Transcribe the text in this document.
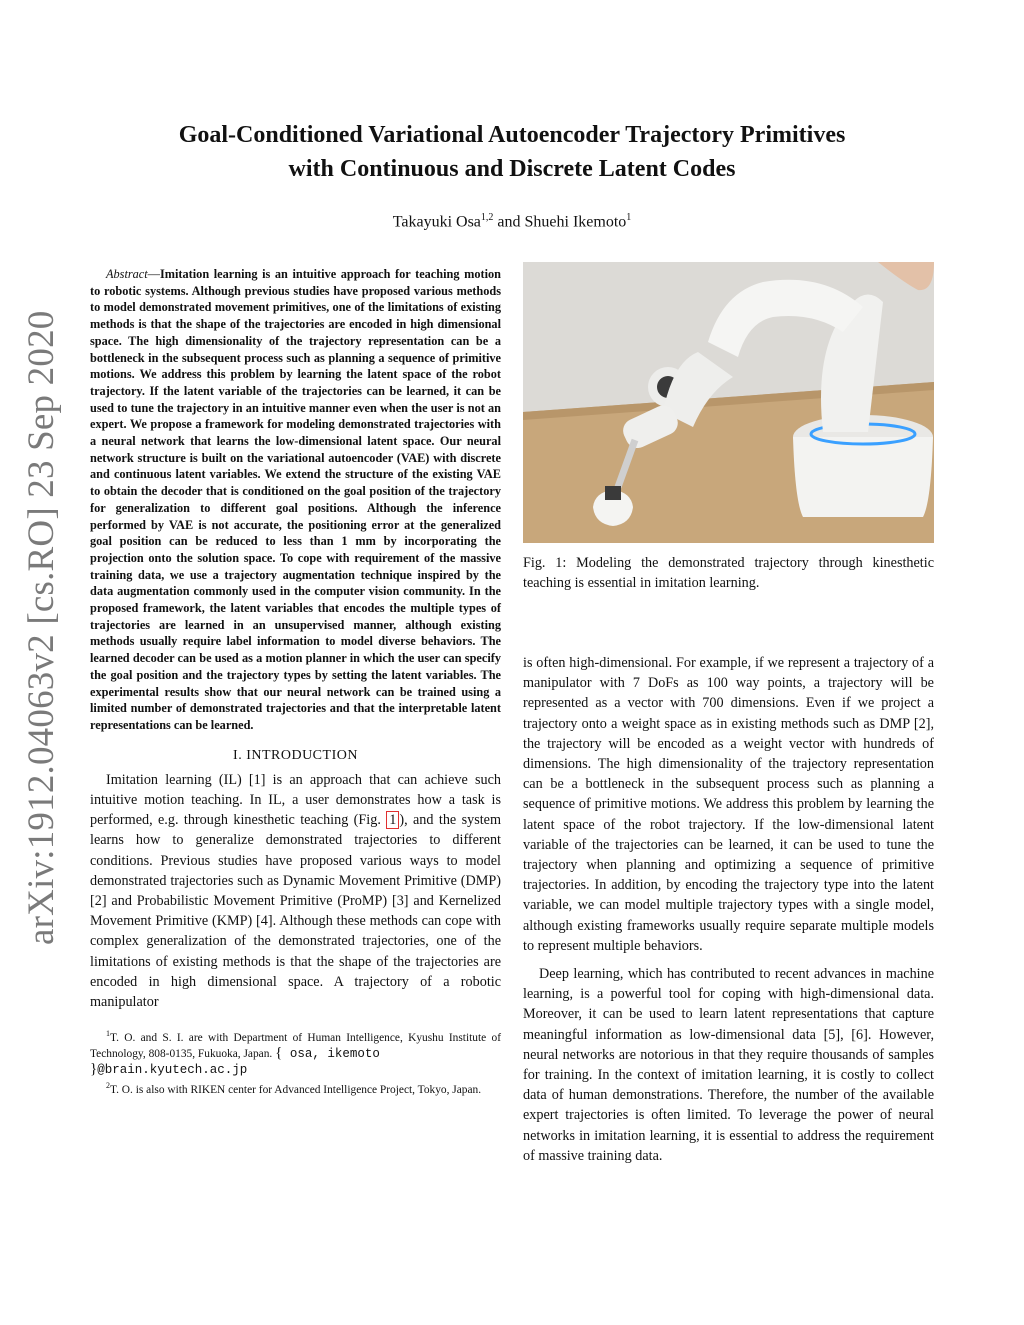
arXiv:1912.04063v2 [cs.RO] 23 Sep 2020
Goal-Conditioned Variational Autoencoder Trajectory Primitives
with Continuous and Discrete Latent Codes
Takayuki Osa$^{1,2}$ and Shuehi Ikemoto$^1$

Abstract—Imitation learning is an intuitive approach for teaching motion to robotic systems. Although previous studies have proposed various methods to model demonstrated movement primitives, one of the limitations of existing methods is that the shape of the trajectories are encoded in high dimensional space. The high dimensionality of the trajectory representation can be a bottleneck in the subsequent process such as planning a sequence of primitive motions. We address this problem by learning the latent space of the robot trajectory. If the latent variable of the trajectories can be learned, it can be used to tune the trajectory in an intuitive manner even when the user is not an expert. We propose a framework for modeling demonstrated trajectories with a neural network that learns the low-dimensional latent space. Our neural network structure is built on the variational autoencoder (VAE) with discrete and continuous latent variables. We extend the structure of the existing VAE to obtain the decoder that is conditioned on the goal position of the trajectory for generalization to different goal positions. Although the inference performed by VAE is not accurate, the positioning error at the generalized goal position can be reduced to less than 1 mm by incorporating the projection onto the solution space. To cope with requirement of the massive training data, we use a trajectory augmentation technique inspired by the data augmentation commonly used in the computer vision community. In the proposed framework, the latent variables that encodes the multiple types of trajectories are learned in an unsupervised manner, although existing methods usually require label information to model diverse behaviors. The learned decoder can be used as a motion planner in which the user can specify the goal position and the trajectory types by setting the latent variables. The experimental results show that our neural network can be trained using a limited number of demonstrated trajectories and that the interpretable latent representations can be learned.

I. INTRODUCTION

Imitation learning (IL) [1] is an approach that can achieve such intuitive motion teaching. In IL, a user demonstrates how a task is performed, e.g. through kinesthetic teaching (Fig. 1 ), and the system learns how to generalize demonstrated trajectories to different conditions. Previous studies have proposed various ways to model demonstrated trajectories such as Dynamic Movement Primitive (DMP) [2] and Probabilistic Movement Primitive (ProMP) [3] and Kernelized Movement Primitive (KMP) [4]. Although these methods can cope with complex generalization of the demonstrated trajectories, one of the limitations of existing methods is that the shape of the trajectories are encoded in high dimensional space. A trajectory of a robotic manipulator

$^1$T. O. and S. I. are with Department of Human Intelligence, Kyushu Institute of Technology, 808-0135, Fukuoka, Japan. { osa, ikemoto
}@brain.kyutech.ac.jp
$^2$T. O. is also with RIKEN center for Advanced Intelligence Project, Tokyo, Japan.
Fig. 1: Modeling the demonstrated trajectory through kinesthetic teaching is essential in imitation learning.

is often high-dimensional. For example, if we represent a trajectory of a manipulator with 7 DoFs as 100 way points, a trajectory will be represented as a vector with 700 dimensions. Even if we project a trajectory onto a weight space as in existing methods such as DMP [2], the trajectory will be encoded as a weight vector with hundreds of dimensions. The high dimensionality of the trajectory representation can be a bottleneck in the subsequent process such as planning a sequence of primitive motions. We address this problem by learning the latent space of the robot trajectory. If the low-dimensional latent variable of the trajectories can be learned, it can be used to tune the trajectory when planning and optimizing a sequence of primitive trajectories. In addition, by encoding the trajectory type into the latent variable, we can model multiple trajectory types with a single model, although existing frameworks usually require separate multiple models to represent multiple behaviors.

Deep learning, which has contributed to recent advances in machine learning, is a powerful tool for coping with high-dimensional data. Moreover, it can be used to learn latent representations that capture meaningful information as low-dimensional data [5], [6]. However, neural networks are notorious in that they require thousands of samples for training. In the context of imitation learning, it is costly to collect data of human demonstrations. Therefore, the number of the available expert trajectories is often limited. To leverage the power of neural networks in imitation learning, it is essential to address the requirement of massive training data.
